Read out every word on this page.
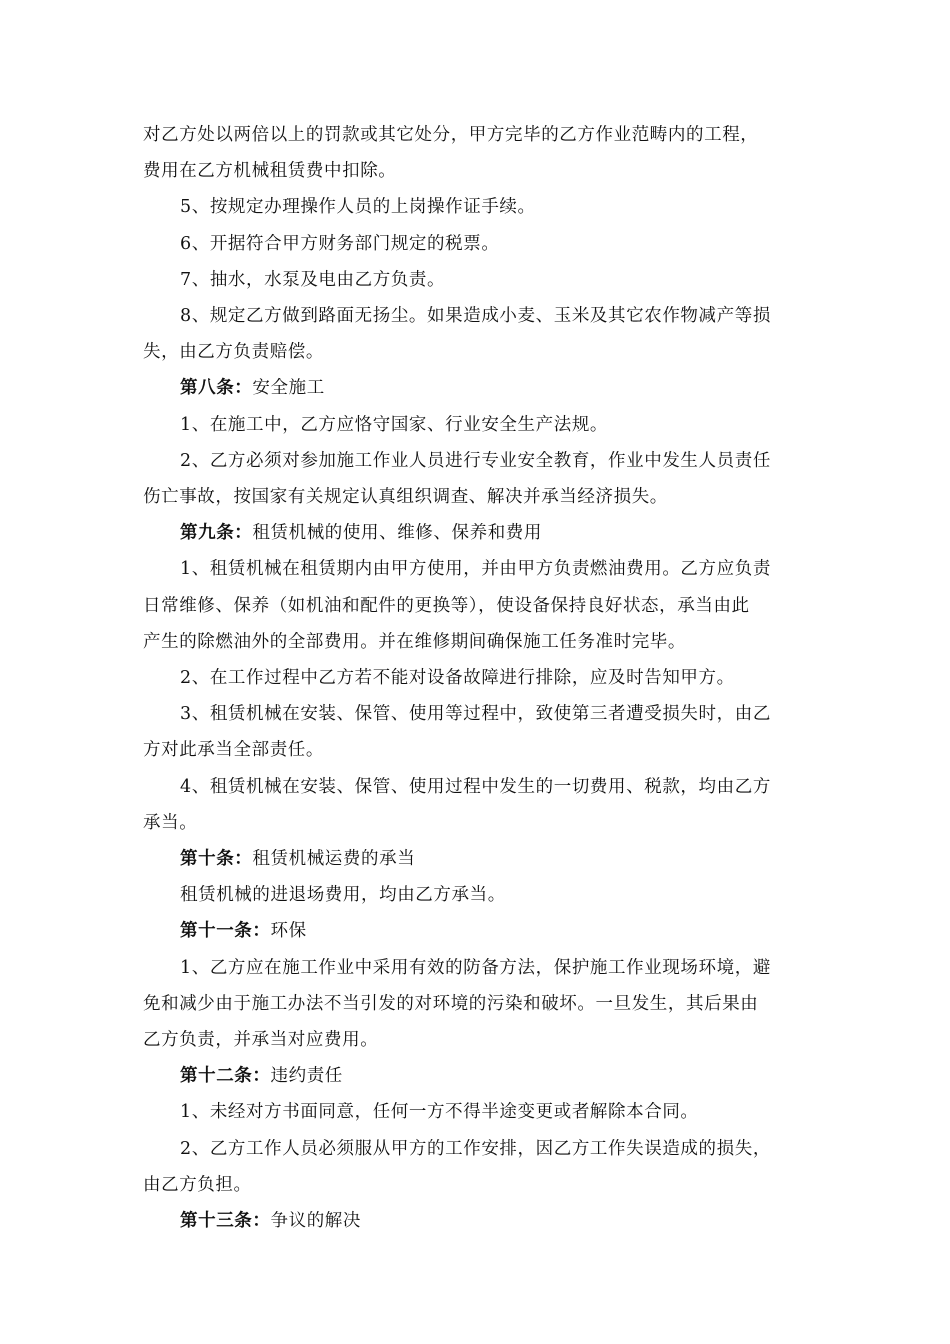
对乙方处以两倍以上的罚款或其它处分，甲方完毕的乙方作业范畴内的工程，
费用在乙方机械租赁费中扣除。

5、按规定办理操作人员的上岗操作证手续。

6、开据符合甲方财务部门规定的税票。

7、抽水，水泵及电由乙方负责。

8、规定乙方做到路面无扬尘。如果造成小麦、玉米及其它农作物减产等损
失，由乙方负责赔偿。

第八条：安全施工

1、在施工中，乙方应恪守国家、行业安全生产法规。

2、乙方必须对参加施工作业人员进行专业安全教育，作业中发生人员责任
伤亡事故，按国家有关规定认真组织调查、解决并承当经济损失。

第九条：租赁机械的使用、维修、保养和费用

1、租赁机械在租赁期内由甲方使用，并由甲方负责燃油费用。乙方应负责
日常维修、保养（如机油和配件的更换等），使设备保持良好状态，承当由此
产生的除燃油外的全部费用。并在维修期间确保施工任务准时完毕。

2、在工作过程中乙方若不能对设备故障进行排除，应及时告知甲方。

3、租赁机械在安装、保管、使用等过程中，致使第三者遭受损失时，由乙
方对此承当全部责任。

4、租赁机械在安装、保管、使用过程中发生的一切费用、税款，均由乙方
承当。

第十条：租赁机械运费的承当

租赁机械的进退场费用，均由乙方承当。

第十一条：环保

1、乙方应在施工作业中采用有效的防备方法，保护施工作业现场环境，避
免和减少由于施工办法不当引发的对环境的污染和破坏。一旦发生，其后果由
乙方负责，并承当对应费用。

第十二条：违约责任

1、未经对方书面同意，任何一方不得半途变更或者解除本合同。

2、乙方工作人员必须服从甲方的工作安排，因乙方工作失误造成的损失，
由乙方负担。

第十三条：争议的解决
